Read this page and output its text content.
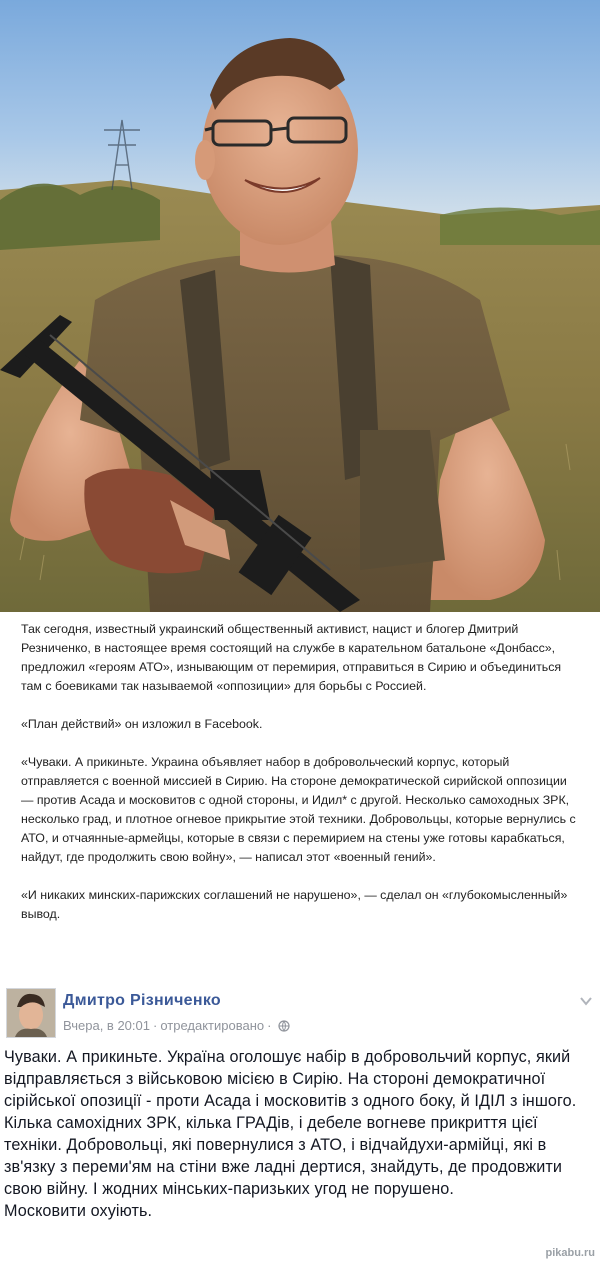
Так сегодня, известный украинский общественный активист, нацист и блогер Дмитрий Резниченко, в настоящее время состоящий на службе в карательном батальоне «Донбасс», предложил «героям АТО», изнывающим от перемирия, отправиться в Сирию и объединиться там с боевиками так называемой «оппозиции» для борьбы с Россией.

«План действий» он изложил в Facebook.

«Чуваки. А прикиньте. Украина объявляет набор в добровольческий корпус, который отправляется с военной миссией в Сирию. На стороне демократической сирийской оппозиции — против Асада и московитов с одной стороны, и Идил* с другой. Несколько самоходных ЗРК, несколько град, и плотное огневое прикрытие этой техники. Добровольцы, которые вернулись с АТО, и отчаянные-армейцы, которые в связи с перемирием на стены уже готовы карабкаться, найдут, где продолжить свою войну», — написал этот «военный гений».

«И никаких минских-парижских соглашений не нарушено», — сделал он «глубокомысленный» вывод.

Дмитро Різниченко
Вчера, в 20:01 · отредактировано ·
Чуваки. А прикиньте. Україна оголошує набір в добровольчий корпус, який відправляється з військовою місією в Сирію. На стороні демократичної сірійської опозиції - проти Асада і московитів з одного боку, й ІДІЛ з іншого. Кілька самохідних ЗРК, кілька ГРАДів, і дебеле вогневе прикриття цієї техніки. Добровольці, які повернулися з АТО, і відчайдухи-армійці, які в зв'язку з переми'ям на стіни вже ладні дертися, знайдуть, де продовжити свою війну. І жодних мінських-паризьких угод не порушено.
Московити охуіють.
pikabu.ru
